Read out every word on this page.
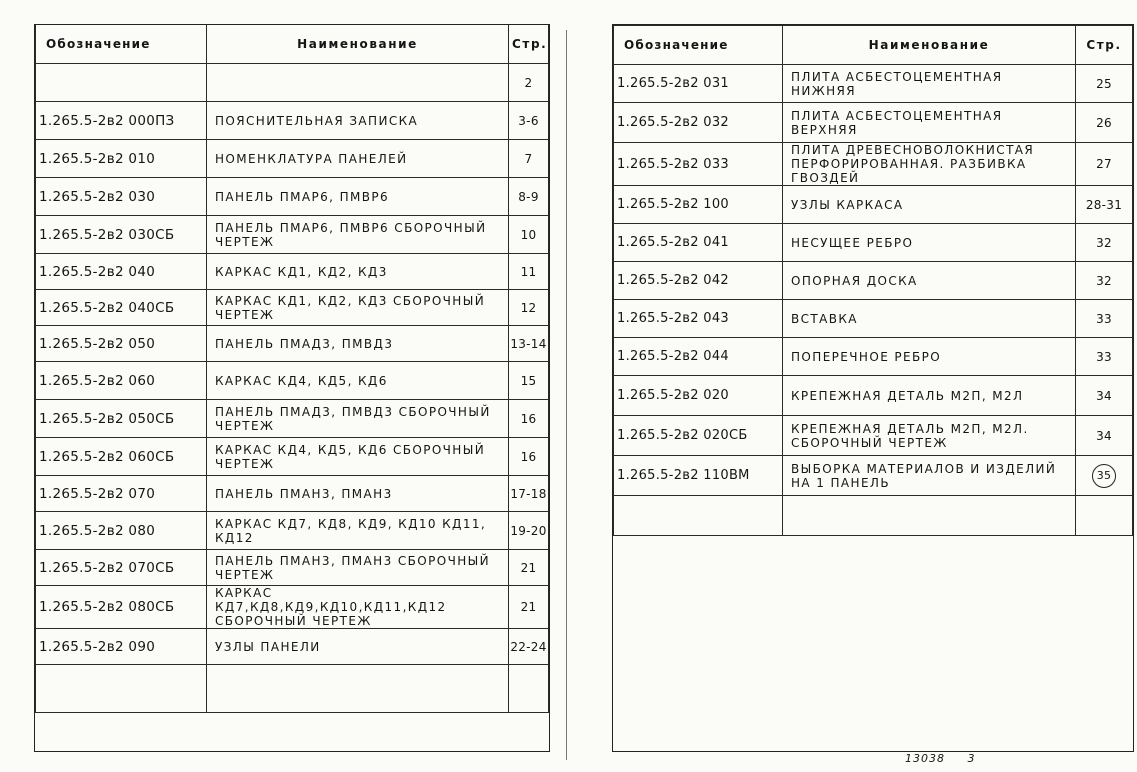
Обозначение	Наименование	Стр.
		2
1.265.5-2в2 000ПЗ	ПОЯСНИТЕЛЬНАЯ ЗАПИСКА	3-6
1.265.5-2в2 010	НОМЕНКЛАТУРА ПАНЕЛЕЙ	7
1.265.5-2в2 030	ПАНЕЛЬ ПМАР6, ПМВР6	8-9
1.265.5-2в2 030СБ	ПАНЕЛЬ ПМАР6, ПМВР6 СБОРОЧНЫЙ ЧЕРТЕЖ	10
1.265.5-2в2 040	КАРКАС КД1, КД2, КД3	11
1.265.5-2в2 040СБ	КАРКАС КД1, КД2, КД3 СБОРОЧНЫЙ ЧЕРТЕЖ	12
1.265.5-2в2 050	ПАНЕЛЬ ПМАД3, ПМВД3	13-14
1.265.5-2в2 060	КАРКАС КД4, КД5, КД6	15
1.265.5-2в2 050СБ	ПАНЕЛЬ ПМАД3, ПМВД3 СБОРОЧНЫЙ ЧЕРТЕЖ	16
1.265.5-2в2 060СБ	КАРКАС КД4, КД5, КД6 СБОРОЧНЫЙ ЧЕРТЕЖ	16
1.265.5-2в2 070	ПАНЕЛЬ ПМАН3, ПМАН3	17-18
1.265.5-2в2 080	КАРКАС КД7, КД8, КД9, КД10 КД11, КД12	19-20
1.265.5-2в2 070СБ	ПАНЕЛЬ ПМАН3, ПМАН3 СБОРОЧНЫЙ ЧЕРТЕЖ	21
1.265.5-2в2 080СБ	КАРКАС КД7,КД8,КД9,КД10,КД11,КД12 СБОРОЧНЫЙ ЧЕРТЕЖ	21
1.265.5-2в2 090	УЗЛЫ ПАНЕЛИ	22-24

Обозначение	Наименование	Стр.
1.265.5-2в2 031	ПЛИТА АСБЕСТОЦЕМЕНТНАЯ НИЖНЯЯ	25
1.265.5-2в2 032	ПЛИТА АСБЕСТОЦЕМЕНТНАЯ ВЕРХНЯЯ	26
1.265.5-2в2 033	ПЛИТА ДРЕВЕСНОВОЛОКНИСТАЯ ПЕРФОРИРОВАННАЯ. РАЗБИВКА ГВОЗДЕЙ	27
1.265.5-2в2 100	УЗЛЫ КАРКАСА	28-31
1.265.5-2в2 041	НЕСУЩЕЕ РЕБРО	32
1.265.5-2в2 042	ОПОРНАЯ ДОСКА	32
1.265.5-2в2 043	ВСТАВКА	33
1.265.5-2в2 044	ПОПЕРЕЧНОЕ РЕБРО	33
1.265.5-2в2 020	КРЕПЕЖНАЯ ДЕТАЛЬ М2П, М2Л	34
1.265.5-2в2 020СБ	КРЕПЕЖНАЯ ДЕТАЛЬ М2П, М2Л. СБОРОЧНЫЙ ЧЕРТЕЖ	34
1.265.5-2в2 110ВМ	ВЫБОРКА МАТЕРИАЛОВ И ИЗДЕЛИЙ НА 1 ПАНЕЛЬ	35

13038 3
